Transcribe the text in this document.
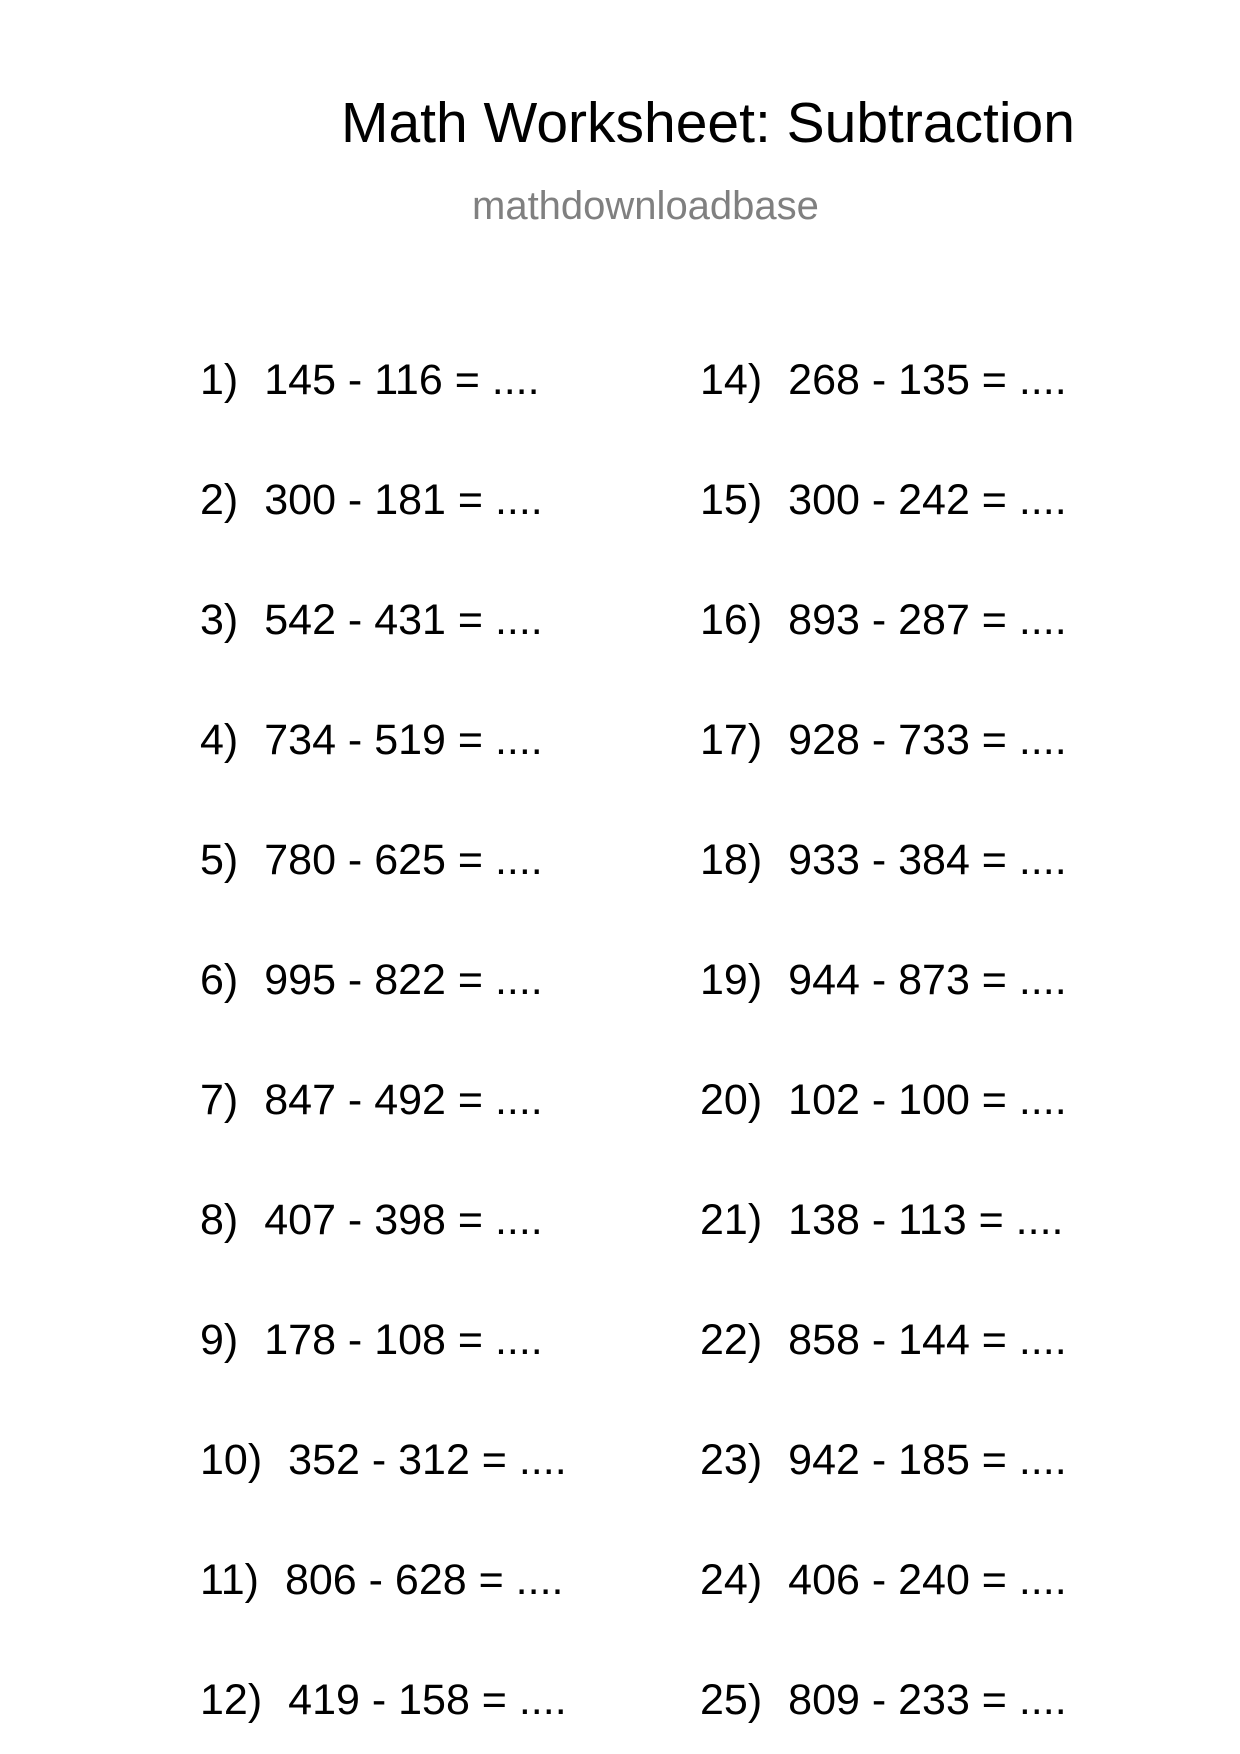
Math Worksheet: Subtraction
mathdownloadbase
1) 145 - 116 = ....
2) 300 - 181 = ....
3) 542 - 431 = ....
4) 734 - 519 = ....
5) 780 - 625 = ....
6) 995 - 822 = ....
7) 847 - 492 = ....
8) 407 - 398 = ....
9) 178 - 108 = ....
10) 352 - 312 = ....
11) 806 - 628 = ....
12) 419 - 158 = ....
14) 268 - 135 = ....
15) 300 - 242 = ....
16) 893 - 287 = ....
17) 928 - 733 = ....
18) 933 - 384 = ....
19) 944 - 873 = ....
20) 102 - 100 = ....
21) 138 - 113 = ....
22) 858 - 144 = ....
23) 942 - 185 = ....
24) 406 - 240 = ....
25) 809 - 233 = ....
